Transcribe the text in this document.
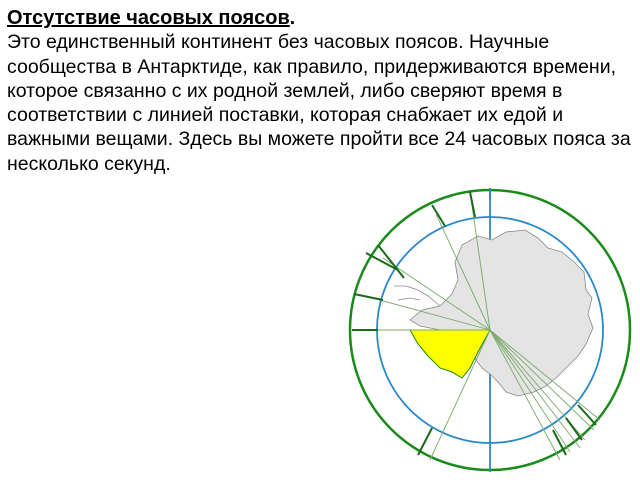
Отсутствие часовых поясов.
Это единственный континент без часовых поясов. Научные сообщества в Антарктиде, как правило, придерживаются времени, которое связанно с их родной землей, либо сверяют время в соответствии с линией поставки, которая снабжает их едой и важными вещами. Здесь вы можете пройти все 24 часовых пояса за несколько секунд.
